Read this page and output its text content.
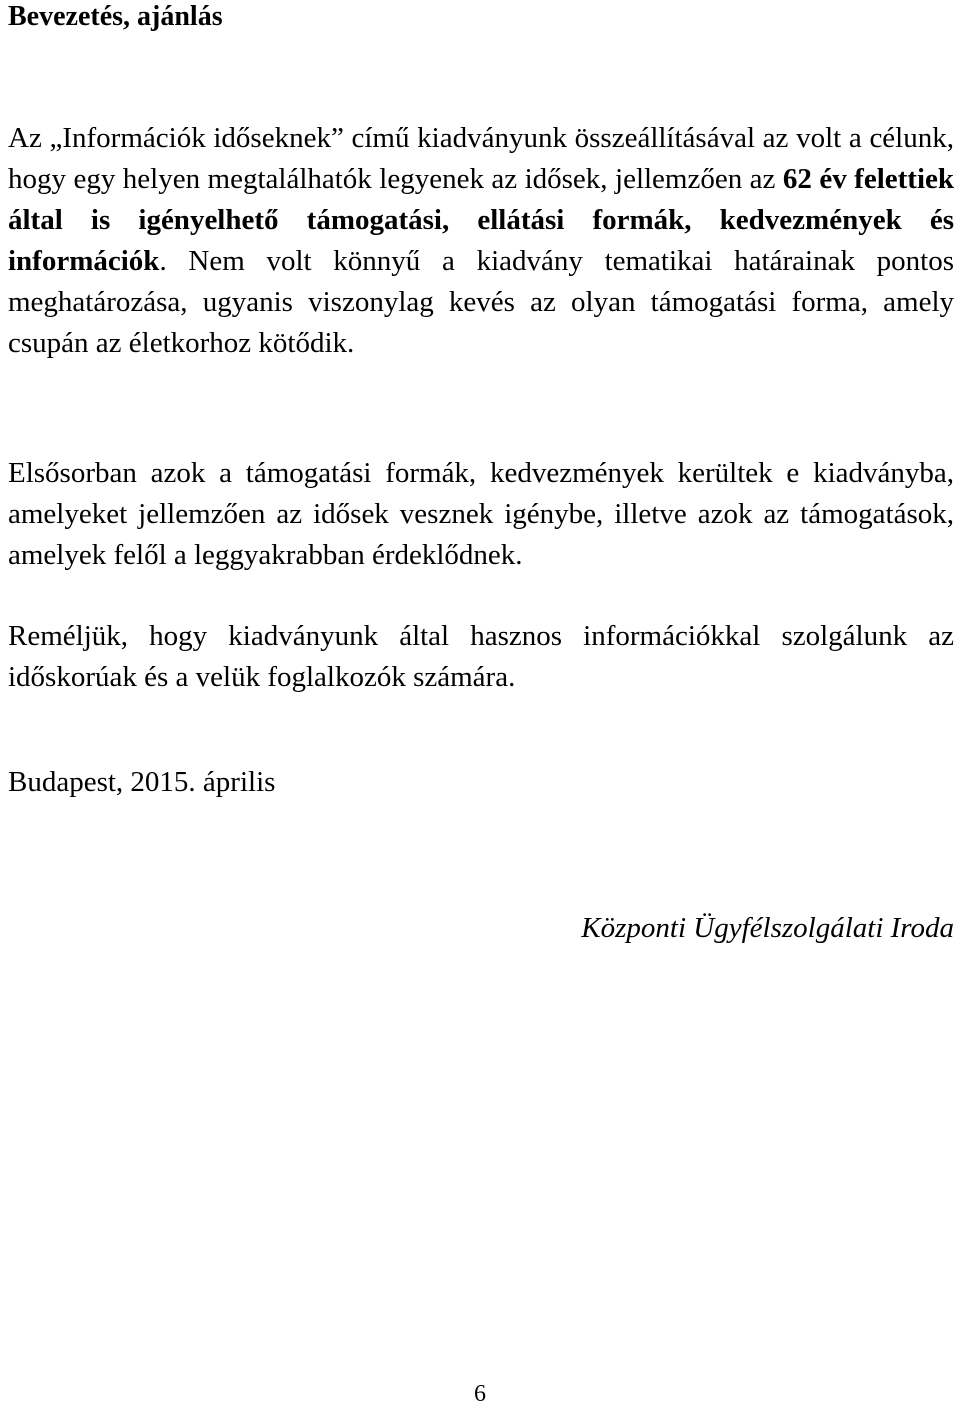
Bevezetés, ajánlás

Az „Információk időseknek” című kiadványunk összeállításával az volt a célunk, hogy egy helyen megtalálhatók legyenek az idősek, jellemzően az 62 év felettiek által is igényelhető támogatási, ellátási formák, kedvezmények és információk. Nem volt könnyű a kiadvány tematikai határainak pontos meghatározása, ugyanis viszonylag kevés az olyan támogatási forma, amely csupán az életkorhoz kötődik.

Elsősorban azok a támogatási formák, kedvezmények kerültek e kiadványba, amelyeket jellemzően az idősek vesznek igénybe, illetve azok az támogatások, amelyek felől a leggyakrabban érdeklődnek.

Reméljük, hogy kiadványunk által hasznos információkkal szolgálunk az időskorúak és a velük foglalkozók számára.

Budapest, 2015. április

Központi Ügyfélszolgálati Iroda

6
